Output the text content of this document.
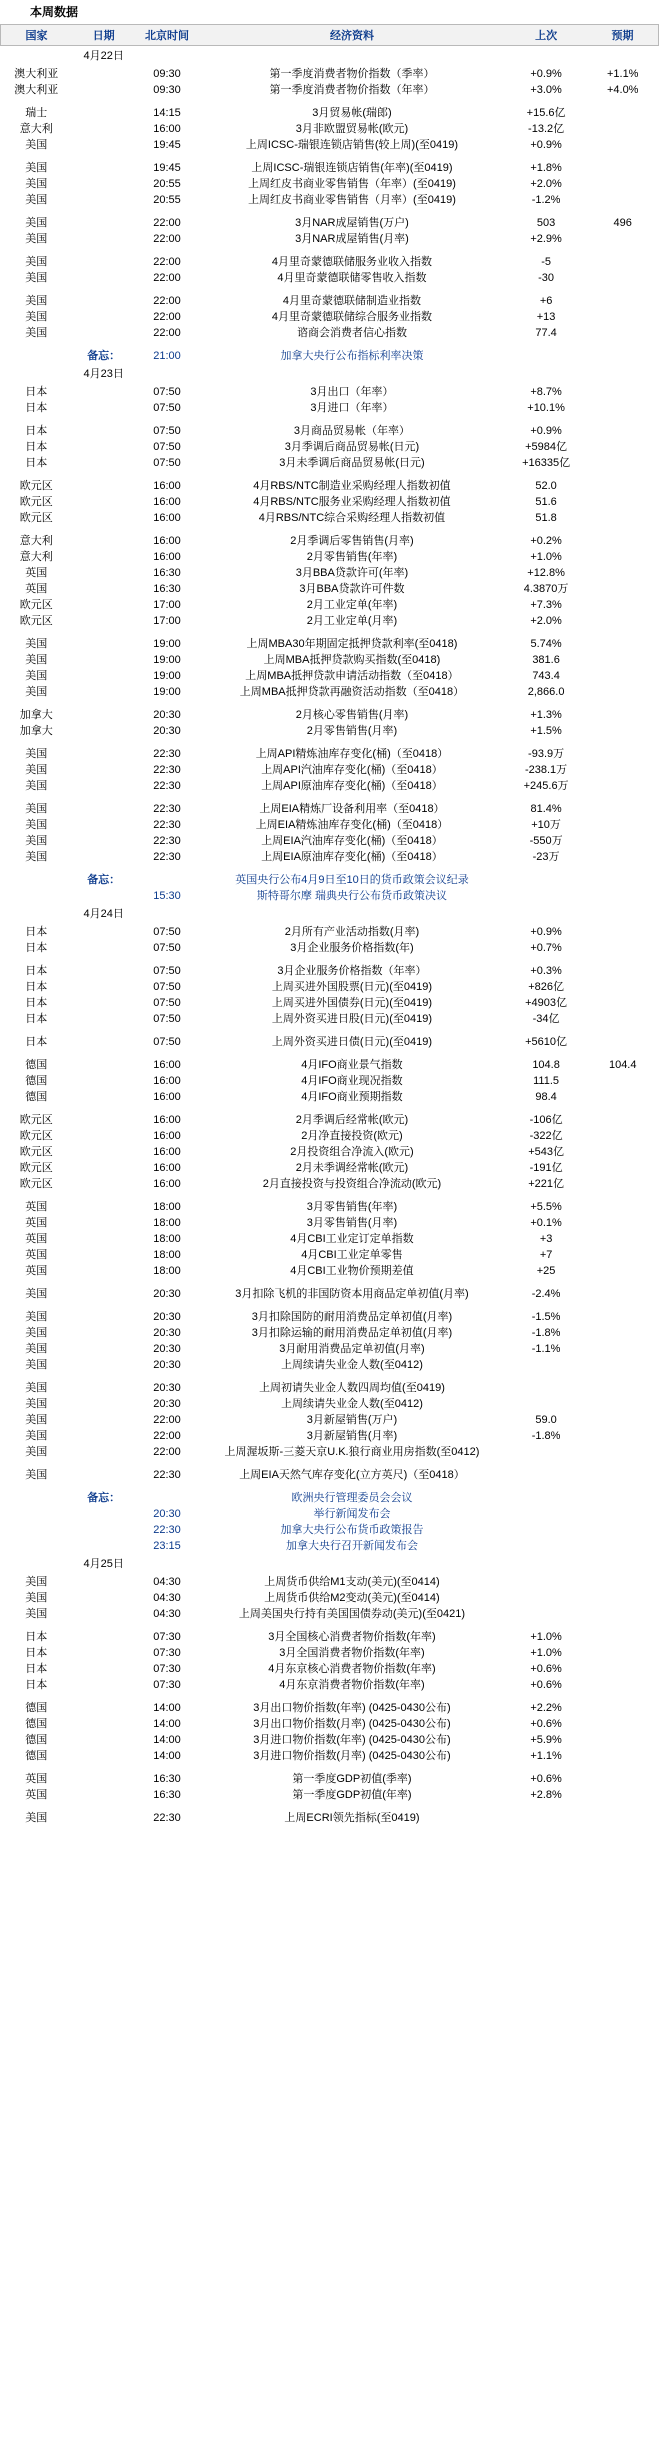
本周数据
国家	日期	北京时间	经济资料	上次	预期
	4月22日				
澳大利亚		09:30	第一季度消费者物价指数（季率）	+0.9%	+1.1%
澳大利亚		09:30	第一季度消费者物价指数（年率）	+3.0%	+4.0%

瑞士		14:15	3月贸易帐(瑞郎)	+15.6亿	
意大利		16:00	3月非欧盟贸易帐(欧元)	-13.2亿	
美国		19:45	上周ICSC-瑞银连锁店销售(较上周)(至0419)	+0.9%	

美国		19:45	上周ICSC-瑞银连锁店销售(年率)(至0419)	+1.8%	
美国		20:55	上周红皮书商业零售销售（年率）(至0419)	+2.0%	
美国		20:55	上周红皮书商业零售销售（月率）(至0419)	-1.2%	

美国		22:00	3月NAR成屋销售(万户)	503	496
美国		22:00	3月NAR成屋销售(月率)	+2.9%	

美国		22:00	4月里奇蒙德联储服务业收入指数	-5	
美国		22:00	4月里奇蒙德联储零售收入指数	-30	

美国		22:00	4月里奇蒙德联储制造业指数	+6	
美国		22:00	4月里奇蒙德联储综合服务业指数	+13	
美国		22:00	谘商会消费者信心指数	77.4	

	备忘：	21:00	加拿大央行公布指标利率决策		
	4月23日				
日本		07:50	3月出口（年率）	+8.7%	
日本		07:50	3月进口（年率）	+10.1%	

日本		07:50	3月商品贸易帐（年率）	+0.9%	
日本		07:50	3月季调后商品贸易帐(日元)	+5984亿	
日本		07:50	3月未季调后商品贸易帐(日元)	+16335亿	

欧元区		16:00	4月RBS/NTC制造业采购经理人指数初值	52.0	
欧元区		16:00	4月RBS/NTC服务业采购经理人指数初值	51.6	
欧元区		16:00	4月RBS/NTC综合采购经理人指数初值	51.8	

意大利		16:00	2月季调后零售销售(月率)	+0.2%	
意大利		16:00	2月零售销售(年率)	+1.0%	
英国		16:30	3月BBA贷款许可(年率)	+12.8%	
英国		16:30	3月BBA贷款许可件数	4.3870万	
欧元区		17:00	2月工业定单(年率)	+7.3%	
欧元区		17:00	2月工业定单(月率)	+2.0%	

美国		19:00	上周MBA30年期固定抵押贷款利率(至0418)	5.74%	
美国		19:00	上周MBA抵押贷款购买指数(至0418)	381.6	
美国		19:00	上周MBA抵押贷款申请活动指数（至0418）	743.4	
美国		19:00	上周MBA抵押贷款再融资活动指数（至0418）	2,866.0	

加拿大		20:30	2月核心零售销售(月率)	+1.3%	
加拿大		20:30	2月零售销售(月率)	+1.5%	

美国		22:30	上周API精炼油库存变化(桶)（至0418）	-93.9万	
美国		22:30	上周API汽油库存变化(桶)（至0418）	-238.1万	
美国		22:30	上周API原油库存变化(桶)（至0418）	+245.6万	

美国		22:30	上周EIA精炼厂设备利用率（至0418）	81.4%	
美国		22:30	上周EIA精炼油库存变化(桶)（至0418）	+10万	
美国		22:30	上周EIA汽油库存变化(桶)（至0418）	-550万	
美国		22:30	上周EIA原油库存变化(桶)（至0418）	-23万	

	备忘：		英国央行公布4月9日至10日的货币政策会议纪录		
		15:30	斯特哥尔摩 瑞典央行公布货币政策决议		
	4月24日				
日本		07:50	2月所有产业活动指数(月率)	+0.9%	
日本		07:50	3月企业服务价格指数(年)	+0.7%	

日本		07:50	3月企业服务价格指数（年率）	+0.3%	
日本		07:50	上周买进外国股票(日元)(至0419)	+826亿	
日本		07:50	上周买进外国债券(日元)(至0419)	+4903亿	
日本		07:50	上周外资买进日股(日元)(至0419)	-34亿	

日本		07:50	上周外资买进日债(日元)(至0419)	+5610亿	

德国		16:00	4月IFO商业景气指数	104.8	104.4
德国		16:00	4月IFO商业现况指数	111.5	
德国		16:00	4月IFO商业预期指数	98.4	

欧元区		16:00	2月季调后经常帐(欧元)	-106亿	
欧元区		16:00	2月净直接投资(欧元)	-322亿	
欧元区		16:00	2月投资组合净流入(欧元)	+543亿	
欧元区		16:00	2月未季调经常帐(欧元)	-191亿	
欧元区		16:00	2月直接投资与投资组合净流动(欧元)	+221亿	

英国		18:00	3月零售销售(年率)	+5.5%	
英国		18:00	3月零售销售(月率)	+0.1%	
英国		18:00	4月CBI工业定订定单指数	+3	
英国		18:00	4月CBI工业定单零售	+7	
英国		18:00	4月CBI工业物价预期差值	+25	

美国		20:30	3月扣除飞机的非国防资本用商品定单初值(月率)	-2.4%	

美国		20:30	3月扣除国防的耐用消费品定单初值(月率)	-1.5%	
美国		20:30	3月扣除运输的耐用消费品定单初值(月率)	-1.8%	
美国		20:30	3月耐用消费品定单初值(月率)	-1.1%	
美国		20:30	上周续请失业金人数(至0412)		

美国		20:30	上周初请失业金人数四周均值(至0419)		
美国		20:30	上周续请失业金人数(至0412)		
美国		22:00	3月新屋销售(万户)	59.0	
美国		22:00	3月新屋销售(月率)	-1.8%	
美国		22:00	上周渥坂斯-三菱天京U.K.狼行商业用房指数(至0412)		

美国		22:30	上周EIA天然气库存变化(立方英尺)（至0418）		

	备忘：		欧洲央行管理委员会会议		
		20:30	举行新闻发布会		
		22:30	加拿大央行公布货币政策报告		
		23:15	加拿大央行召开新闻发布会		
	4月25日				
美国		04:30	上周货币供给M1支动(美元)(至0414)		
美国		04:30	上周货币供给M2变动(美元)(至0414)		
美国		04:30	上周美国央行持有美国国债券动(美元)(至0421)		

日本		07:30	3月全国核心消费者物价指数(年率)	+1.0%	
日本		07:30	3月全国消费者物价指数(年率)	+1.0%	
日本		07:30	4月东京核心消费者物价指数(年率)	+0.6%	
日本		07:30	4月东京消费者物价指数(年率)	+0.6%	

德国		14:00	3月出口物价指数(年率) (0425-0430公布)	+2.2%	
德国		14:00	3月出口物价指数(月率) (0425-0430公布)	+0.6%	
德国		14:00	3月进口物价指数(年率) (0425-0430公布)	+5.9%	
德国		14:00	3月进口物价指数(月率) (0425-0430公布)	+1.1%	

英国		16:30	第一季度GDP初值(季率)	+0.6%	
英国		16:30	第一季度GDP初值(年率)	+2.8%	

美国		22:30	上周ECRI领先指标(至0419)		
